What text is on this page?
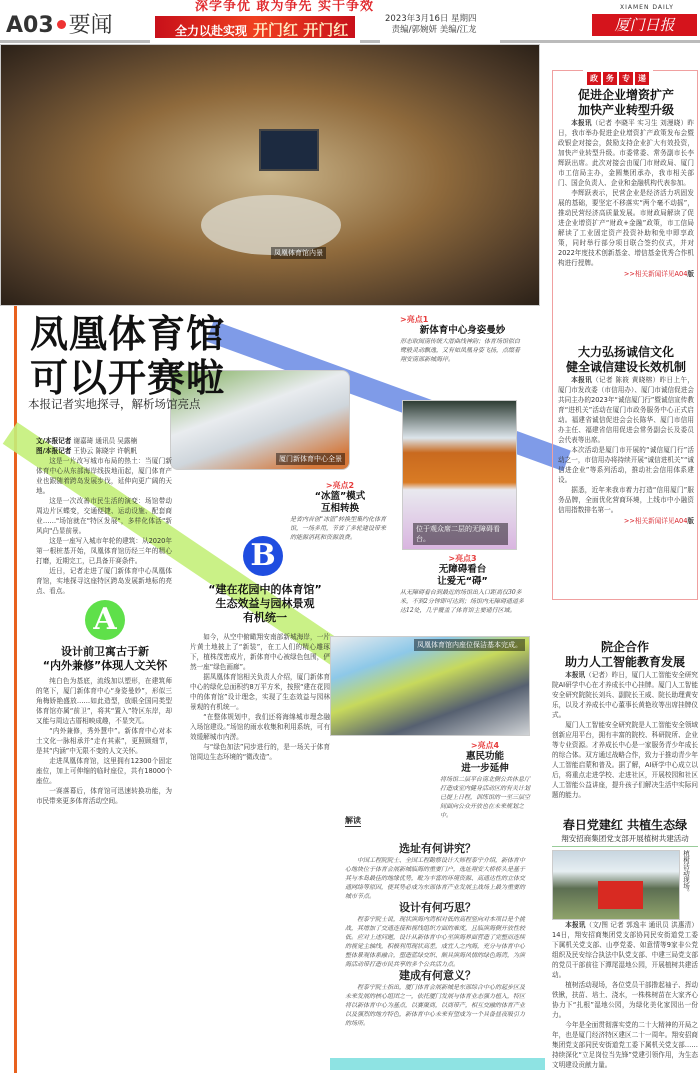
A03 要闻
深学争优 敢为争先 实干争效
全力以赴实现 开门红 开门红
2023年3月16日 星期四
责编/郭婉妍 美编/江龙
XIAMEN DAILY
厦门日报
凤凰体育馆内景
厦门新体育中心全景
凤凰体育馆
可以开赛啦
本报记者实地探寻，解析场馆亮点
文/本报记者 谢嘉琦 通讯员 吴露楠
图/本报记者 王协云 陈晓宇 许帆帆

这是一片改写城市布局的热土：当厦门新体育中心从东部海岸线拔地而起，厦门体育产业也跟随着跨岛发展步伐，延伸向更广阔的天地。

这是一次改善市民生活的演变：场馆带动周边片区蝶变，交通便捷、运动设施、配套商业……"场馆就在"特区发展"，多样化体活"新风向"凸显前景。

这是一座写入城市年轮的建筑：从2020年第一根桩基开始，凤凰体育馆历经三年的精心打磨，近期完工，已具备开赛条件。

近日，记者走进了厦门新体育中心凤凰体育馆，实地探寻这座特区跨岛发展新地标的亮点、看点。

A
设计前卫寓古于新
“内外兼修”体现人文关怀

纯白色为基底，流线加以塑形，在建筑师的笔下，厦门新体育中心“身姿曼妙”，形似三角梅娇艳盛放……如此造型，放眼全国同类型体育馆亦属“前卫”，将其“置入”特区东岸，却又能与周边古厝相映成趣，不显突兀。

“内外兼修，秀外慧中”。新体育中心对本土文化一脉相承并“走有其素”，更照顾细节，是其“内涵”中无限不变的人文关怀。

走进凤凰体育馆，这里拥有12300个固定座位，加上可伸缩的临时座位，共有18000个座位。

一赛落幕后，体育馆可迅速转换功能，为市民带来更多体育活动空间。

B
“建在花园中的体育馆”
生态效益与园林景观
有机统一

如今，从空中俯瞰翔安南部新城海岸，一片片黄土地披上了“新装”，在工人们的精心雕琢下，植株茂密成片，新体育中心被绿色包围，俨然一座“绿色画廊”。

据凤凰体育馆相关负责人介绍，厦门新体育中心的绿化总面积约8万平方米，按照“建在花园中的体育馆”设计理念，实现了生态效益与园林景观的有机统一。

“在整体规划中，我们还将海绵城市理念融入场馆建设。”场馆的雨水收集和利用系统，可有效缓解城市内涝。

与“绿色加法”同步进行的，是一场关于体育馆周边生态环境的“微改造”。

>亮点1
新体育中心身姿曼妙
形态取闽南传统大厝曲线神韵；体育场馆似白鹭般灵动飘逸，又有如凤凰身姿飞扬，点缀着翔安南部新城海岸。
>亮点2
“冰篮”模式
互相转换
是省内首创“冰篮”转换型集约化体育馆，一场多用，节省了多轮建设带来的能源消耗和资源浪费。
位于观众席二层的无障碍看台。
>亮点3
无障碍看台
让爱无“碍”
从无障碍看台到最近的场馆出入口距离仅30多米，不到2分钟即可达到；场馆内无障碍通道多达12处，几乎覆盖了体育馆主要通行区域。
凤凰体育馆内座位保洁基本完成。
>亮点4
惠民功能
进一步延伸
将场馆二层平台南北侧公共休息厅打造成室内健身活动区的有关计划已提上日程，训练馆的一至三层空间面向公众开放也在未来规划之中。
解读
选址有何讲究？
中国工程院院士、全国工程勘察设计大师程泰宁介绍，新体育中心地块位于体育会展新城临海的重要门户，选址翔安大桥桥头是基于其与本岛最佳的地缘优势，毗为丰富的环境资源、高通达性的立体交通网络等原因，使其势必成为东部体育产业发展主战场上最为重要的城市节点。
设计有何巧思？
程泰宁院士说，现状滨海内湾相对低的高程竖向对本项目是个挑战，其增加了交通连接和视线组织方面的难度，且临滨海侧开放性较低。应对上述问题，设计从新体育中心至滨海界面营造了完整而连续的视觉主轴线，积极利用现状高差，成宜人之内海，充分与体育中心整体景观体系融合，塑造蓝绿交织、颇具滨海风情的绿色海湾，为滨海活动带打造市民共享的多个公共活力点。
建成有何意义？
程泰宁院士指出，厦门体育会展新城是东部综合中心的起步区及未来发展的核心组团之一，依托厦门发展与体育业态强力植入，特区将以新体育中心为基点，以赛聚商，以商带产，相互交融的体育产业以及强烈的地方特色，新体育中心未来有望成为一个具备昼夜吸引力的场所。
政 务 专 递
促进企业增资扩产
加快产业转型升级

本报讯（记者 李晓平 实习生 刘漫晓）昨日，我市举办促进企业增资扩产政策发布会暨政银企对接会，鼓励支持企业扩大有效投资，加快产业转型升级。市委常委、常务副市长李辉跃出席。此次对接会由厦门市财政局、厦门市工信局主办，金圆集团承办，我市相关部门、国企负责人、企业和金融机构代表参加。

李辉跃表示，民营企业是经济活力巩固发展的基础，要坚定不移落实“两个毫不动摇”，推动民营经济高质量发展。市财政局解读了促进企业增资扩产“财政+金融”政策，市工信局解读了工业固定资产投资补助和免申即享政策，同时举行部分项目联合签约仪式，并对2022年度技术创新基金、增信基金优秀合作机构进行授牌。

>>相关新闻详见A04版
大力弘扬诚信文化
健全诚信建设长效机制

本报讯（记者 陈筱 黄晓榕）昨日上午，厦门市发改委（市信用办）、厦门市诚信促进会共同主办的2023年“诚信厦门行”暨诚信宣传教育“进机关”活动在厦门市政务服务中心正式启动。福建省诚信促进会会长陈华、厦门市信用办主任、福建省信用促进会常务副会长及委员会代表等出席。

本次活动是厦门市开展的“诚信厦门行”活动之一，市信用办将持续开展“诚信进机关”“诚信进企业”等系列活动，推动社会信用体系建设。

据悉，近年来我市着力打造“信用厦门”服务品牌，全面优化营商环境，上线市中小融资信用指数排名第一。

>>相关新闻详见A04版
院企合作
助力人工智能教育发展

本报讯（记者）昨日，厦门人工智能安全研究院AI研学中心在才养成长中心挂牌。厦门人工智能安全研究院院长刘兵、副院长王威、院长助理黄安乐，以及才养成长中心董事长黄艳玫等出席挂牌仪式。

厦门人工智能安全研究院是人工智能安全领域创新应用平台，拥有丰富的院校、科研院所、企业等专业资源。才养成长中心是一家服务青少年成长的综合体。双方通过战略合作，致力于推动青少年人工智能启蒙和普及。据了解，AI研学中心成立以后，将重点走进学校、走进社区，开展校园和社区人工智能公益讲座，提升孩子们解决生活中实际问题的能力。

春日党建红 共植生态绿
翔安招商集团党支部开展植树共建活动
植树活动现场。

本报讯（文/图 记者 郭逸丰 通讯员 洪惠清）14日，翔安招商集团党支部协同民安街道党工委下属机关党支部、山亭党委、如意情等9家非公党组织及民安综合执法中队党支部、中建三局党支部的党员干部前往下潭尾湿地公园，开展植树共建活动。

植树活动现场，各位党员干部撸起袖子、挥动铁锹，扶苗、培土、浇水，一株株树苗在大家齐心协力下“扎根”湿地公园，为绿化美化家园出一份力。

今年是全面贯彻落实党的二十大精神的开局之年，也是厦门经济特区建区二十一周年。翔安招商集团党支部同民安街道党工委下属机关党支部……持续深化“立足岗位当先锋”党建引领作用，为生态文明建设贡献力量。
